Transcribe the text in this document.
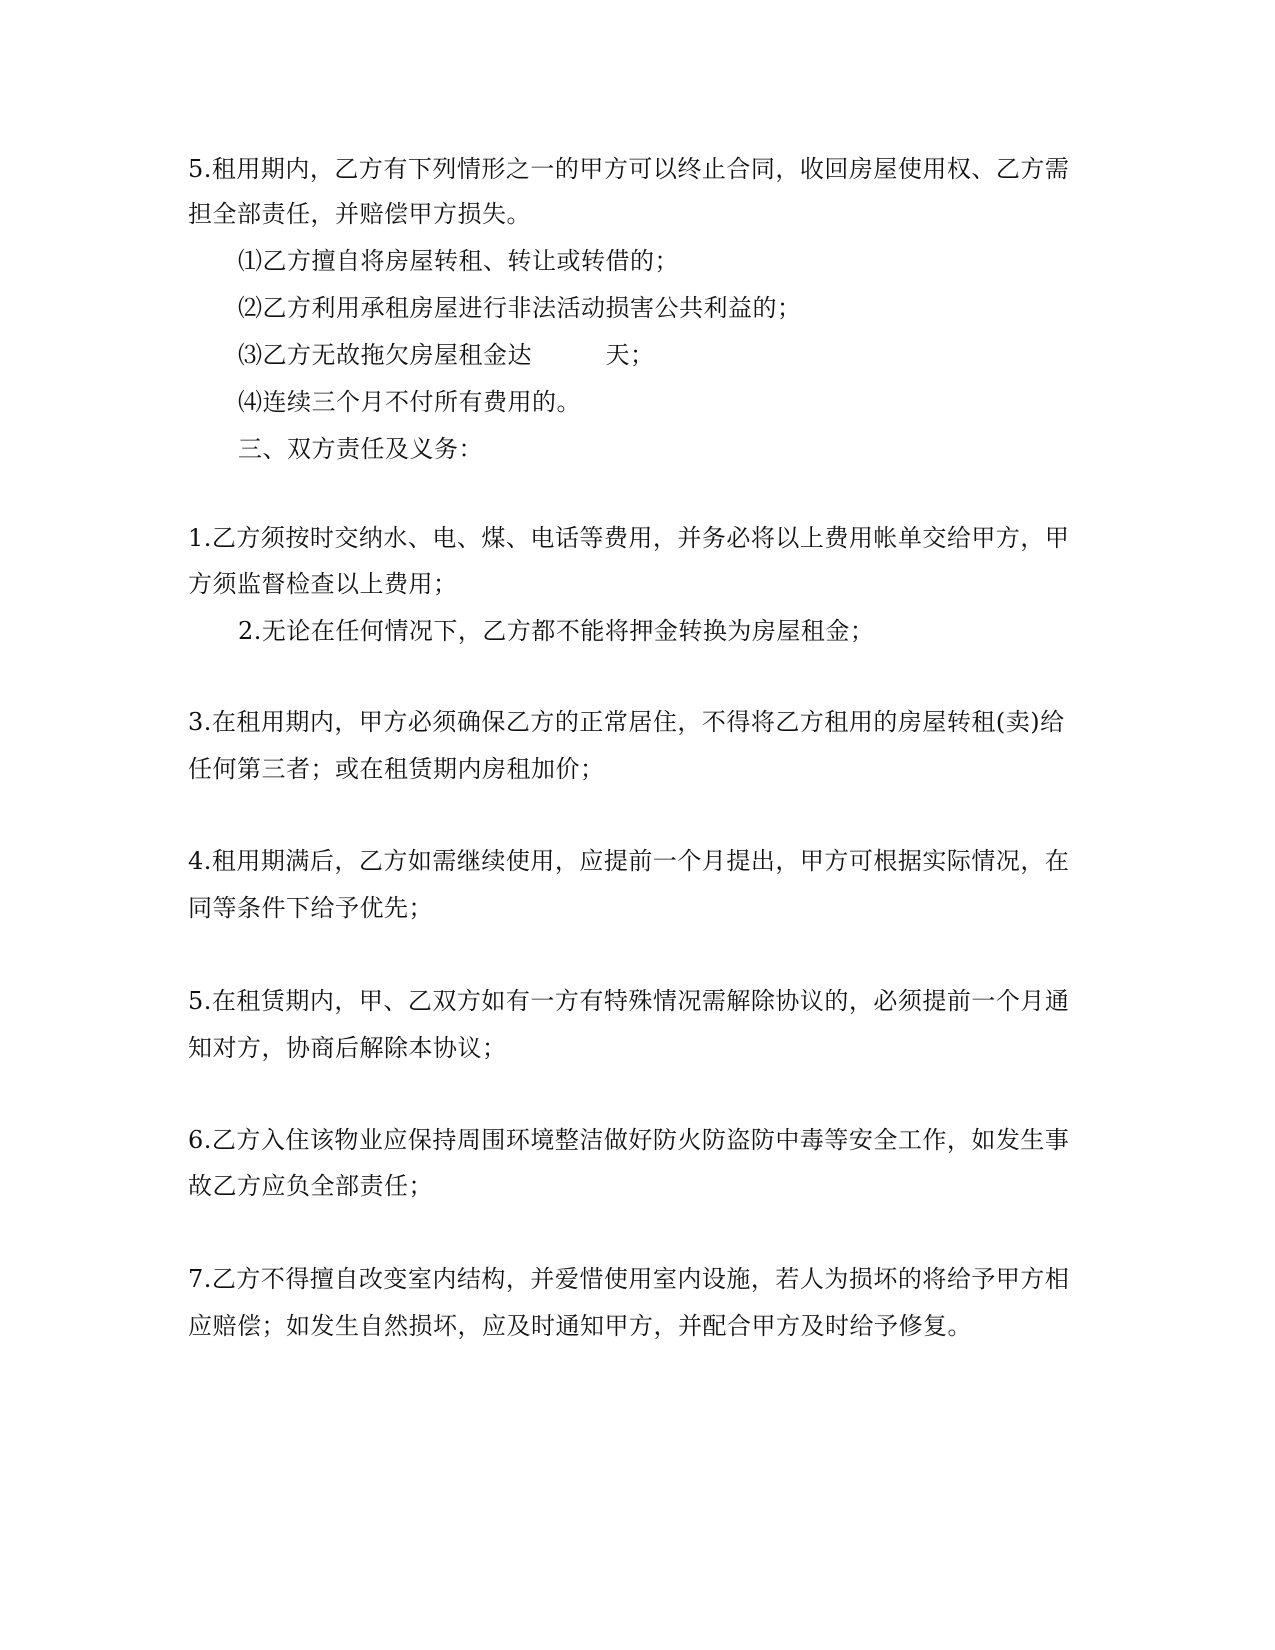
5.租用期内，乙方有下列情形之一的甲方可以终止合同，收回房屋使用权、乙方需
担全部责任，并赔偿甲方损失。
⑴乙方擅自将房屋转租、转让或转借的；
⑵乙方利用承租房屋进行非法活动损害公共利益的；
⑶乙方无故拖欠房屋租金达　　　天；
⑷连续三个月不付所有费用的。
三、双方责任及义务：
1.乙方须按时交纳水、电、煤、电话等费用，并务必将以上费用帐单交给甲方，甲
方须监督检查以上费用；
2.无论在任何情况下，乙方都不能将押金转换为房屋租金；
3.在租用期内，甲方必须确保乙方的正常居住，不得将乙方租用的房屋转租(卖)给
任何第三者；或在租赁期内房租加价；
4.租用期满后，乙方如需继续使用，应提前一个月提出，甲方可根据实际情况，在
同等条件下给予优先；
5.在租赁期内，甲、乙双方如有一方有特殊情况需解除协议的，必须提前一个月通
知对方，协商后解除本协议；
6.乙方入住该物业应保持周围环境整洁做好防火防盗防中毒等安全工作，如发生事
故乙方应负全部责任；
7.乙方不得擅自改变室内结构，并爱惜使用室内设施，若人为损坏的将给予甲方相
应赔偿；如发生自然损坏，应及时通知甲方，并配合甲方及时给予修复。
